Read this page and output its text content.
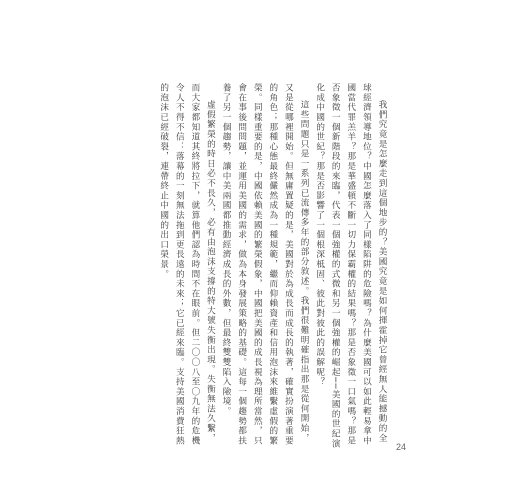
我們究竟是怎麼走到這個地步的？美國究竟是如何揮霍掉它曾經無人能撼動的全球經濟領導地位？中國怎麼落入了同樣陷阱的危險嗎？為什麼美國可以如此輕易拿中國當代罪羔羊？那是華盛頓不斷一切力保霸權的結果嗎？那是否象徵一口氣嗎？那是否象徵一個新階段的來臨，代表一個強權的式微和另一個強權的崛起──美國的世紀演化成中國的世紀？那是否影響了一個根深柢固、彼此對彼此的誤解呢？

這些問題只是一系列已流傳多年的部分敘述。我們很難明確指出那是從何開始，又是從哪裡開始。但無庸置疑的是，美國對於為成長而成長的執著，確實扮演著重要的角色；那種心態最終儼然成為一種規範，繼而仰賴資產和信用泡沫來維繫虛假的繁榮。同樣重要的是，中國依賴美國的繁榮假象，中國把美國的成長視為理所當然，只會在事後問問題，並運用美國的需求，做為本身發展策略的基礎。這每一個趨勢都扶養了另一個趨勢，讓中美兩國都推動經濟成長的外數，但最終雙雙陷入險境。

虛假繁榮的時日必不長久，必有由泡沫支撐的特大號失衡出現。失衡無法久繫，而大家都知道其終將拉下，就算他們認為時間不在眼前。但二〇〇八至〇九年的危機令人不得不信：落幕的一刻無法拖到更長遠的未來；它已經來臨。支持美國消費狂熱的泡沫已經破裂，連帶終止中國的出口榮景。

24
